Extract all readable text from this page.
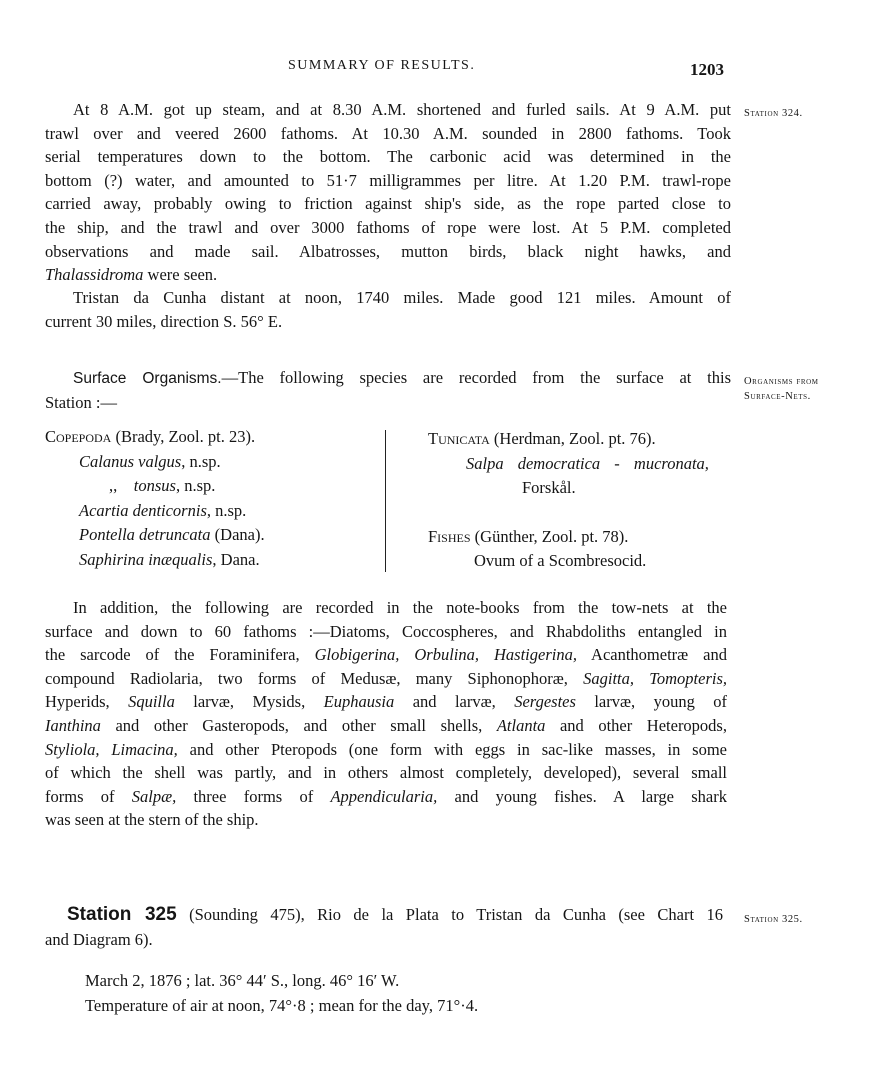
SUMMARY OF RESULTS.	1203
Station 324.
At 8 A.M. got up steam, and at 8.30 A.M. shortened and furled sails. At 9 A.M. put
trawl over and veered 2600 fathoms. At 10.30 A.M. sounded in 2800 fathoms. Took
serial temperatures down to the bottom. The carbonic acid was determined in the
bottom (?) water, and amounted to 51·7 milligrammes per litre. At 1.20 P.M. trawl-rope
carried away, probably owing to friction against ship's side, as the rope parted close to
the ship, and the trawl and over 3000 fathoms of rope were lost. At 5 P.M. completed
observations and made sail. Albatrosses, mutton birds, black night hawks, and
Thalassidroma were seen.
Tristan da Cunha distant at noon, 1740 miles. Made good 121 miles. Amount of
current 30 miles, direction S. 56° E.
Organisms from
Surface-Nets.
Surface Organisms.—The following species are recorded from the surface at this
Station :—
Copepoda (Brady, Zool. pt. 23).
Calanus valgus, n.sp.
,, tonsus, n.sp.
Acartia denticornis, n.sp.
Pontella detruncata (Dana).
Saphirina inæqualis, Dana.
Tunicata (Herdman, Zool. pt. 76).
Salpa democratica - mucronata,
Forskål.
Fishes (Günther, Zool. pt. 78).
Ovum of a Scombresocid.
In addition, the following are recorded in the note-books from the tow-nets at the
surface and down to 60 fathoms :—Diatoms, Coccospheres, and Rhabdoliths entangled in
the sarcode of the Foraminifera, Globigerina, Orbulina, Hastigerina, Acanthometræ and
compound Radiolaria, two forms of Medusæ, many Siphonophoræ, Sagitta, Tomopteris,
Hyperids, Squilla larvæ, Mysids, Euphausia and larvæ, Sergestes larvæ, young of
Ianthina and other Gasteropods, and other small shells, Atlanta and other Heteropods,
Styliola, Limacina, and other Pteropods (one form with eggs in sac-like masses, in some
of which the shell was partly, and in others almost completely, developed), several small
forms of Salpæ, three forms of Appendicularia, and young fishes. A large shark
was seen at the stern of the ship.
Station 325.
Station 325 (Sounding 475), Rio de la Plata to Tristan da Cunha (see Chart 16
and Diagram 6).
March 2, 1876 ; lat. 36° 44′ S., long. 46° 16′ W.
Temperature of air at noon, 74°·8 ; mean for the day, 71°·4.
